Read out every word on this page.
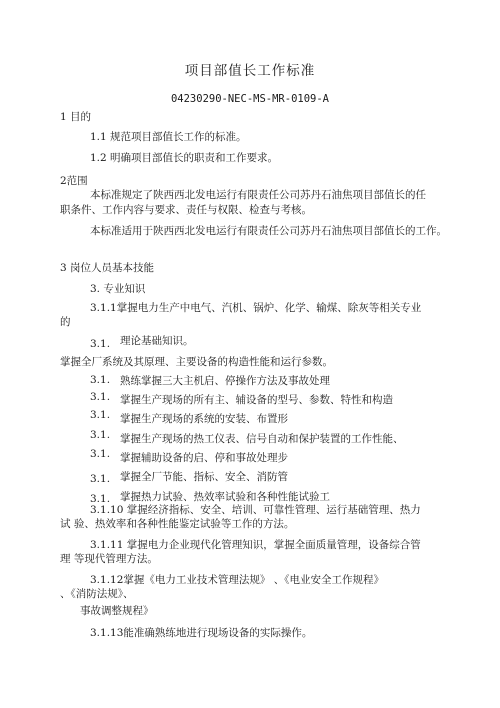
项目部值长工作标准
04230290-NEC-MS-MR-0109-A
1 目的
1.1 规范项目部值长工作的标准。
1.2 明确项目部值长的职责和工作要求。
2范围
本标准规定了陕西西北发电运行有限责任公司苏丹石油焦项目部值长的任
职条件、工作内容与要求、责任与权限、检查与考核。
本标准适用于陕西西北发电运行有限责任公司苏丹石油焦项目部值长的工作。
3 岗位人员基本技能
3. 专业知识
3.1.1掌握电力生产中电气、汽机、锅炉、化学、输煤、除灰等相关专业
的
3.1. 理论基础知识。
掌握全厂系统及其原理、主要设备的构造性能和运行参数。
3.1. 熟练掌握三大主机启、停操作方法及事故处理
3.1. 掌握生产现场的所有主、辅设备的型号、参数、特性和构造
3.1. 掌握生产现场的系统的安装、布置形
3.1. 掌握生产现场的热工仪表、信号自动和保护装置的工作性能、
3.1. 掌握辅助设备的启、停和事故处理步
3.1. 掌握全厂节能、指标、安全、消防管
3.1. 掌握热力试验、热效率试验和各种性能试验工
3.1.10 掌握经济指标、安全、培训、可靠性管理、运行基础管理、热力
试 验、热效率和各种性能鉴定试验等工作的方法。
3.1.11 掌握电力企业现代化管理知识，掌握全面质量管理，设备综合管
理 等现代管理方法。
3.1.12掌握《电力工业技术管理法规》 、《电业安全工作规程》
、《消防法规》、
事故调整规程》
3.1.13能准确熟练地进行现场设备的实际操作。
